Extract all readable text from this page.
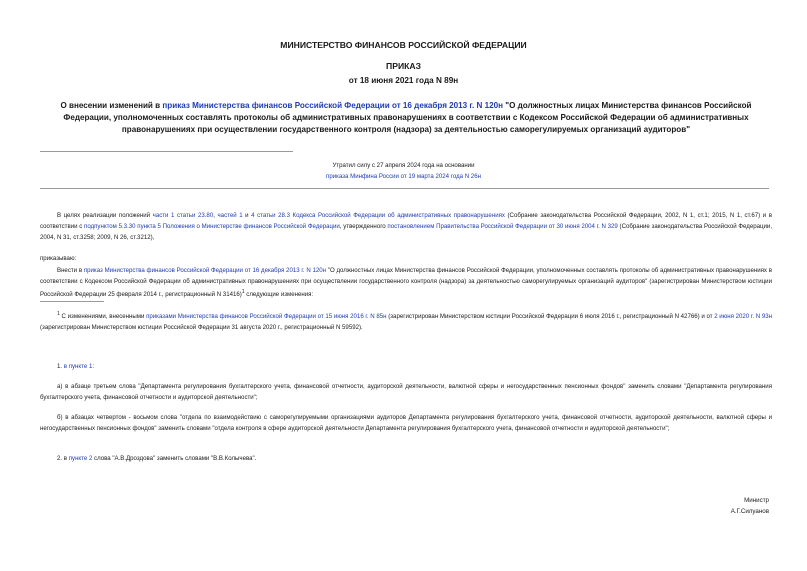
МИНИСТЕРСТВО ФИНАНСОВ РОССИЙСКОЙ ФЕДЕРАЦИИ
ПРИКАЗ
от 18 июня 2021 года N 89н
О внесении изменений в приказ Министерства финансов Российской Федерации от 16 декабря 2013 г. N 120н "О должностных лицах Министерства финансов Российской Федерации, уполномоченных составлять протоколы об административных правонарушениях в соответствии с Кодексом Российской Федерации об административных правонарушениях при осуществлении государственного контроля (надзора) за деятельностью саморегулируемых организаций аудиторов"
Утратил силу с 27 апреля 2024 года на основании
приказа Минфина России от 19 марта 2024 года N 26н
В целях реализации положений части 1 статьи 23.80, частей 1 и 4 статьи 28.3 Кодекса Российской Федерации об административных правонарушениях (Собрание законодательства Российской Федерации, 2002, N 1, ст.1; 2015, N 1, ст.67) и в соответствии с подпунктом 5.3.30 пункта 5 Положения о Министерстве финансов Российской Федерации, утвержденного постановлением Правительства Российской Федерации от 30 июня 2004 г. N 329 (Собрание законодательства Российской Федерации, 2004, N 31, ст.3258; 2009, N 26, ст.3212),
приказываю:
Внести в приказ Министерства финансов Российской Федерации от 16 декабря 2013 г. N 120н "О должностных лицах Министерства финансов Российской Федерации, уполномоченных составлять протоколы об административных правонарушениях в соответствии с Кодексом Российской Федерации об административных правонарушениях при осуществлении государственного контроля (надзора) за деятельностью саморегулируемых организаций аудиторов" (зарегистрирован Министерством юстиции Российской Федерации 25 февраля 2014 г., регистрационный N 31416)$^1$ следующие изменения:
$^1$ С изменениями, внесенными приказами Министерства финансов Российской Федерации от 15 июня 2016 г. N 85н (зарегистрирован Министерством юстиции Российской Федерации 6 июля 2016 г., регистрационный N 42766) и от 2 июня 2020 г. N 93н (зарегистрирован Министерством юстиции Российской Федерации 31 августа 2020 г., регистрационный N 59592).
1. в пункте 1:
а) в абзаце третьем слова "Департамента регулирования бухгалтерского учета, финансовой отчетности, аудиторской деятельности, валютной сферы и негосударственных пенсионных фондов" заменить словами "Департамента регулирования бухгалтерского учета, финансовой отчетности и аудиторской деятельности";
б) в абзацах четвертом - восьмом слова "отдела по взаимодействию с саморегулируемыми организациями аудиторов Департамента регулирования бухгалтерского учета, финансовой отчетности, аудиторской деятельности, валютной сферы и негосударственных пенсионных фондов" заменить словами "отдела контроля в сфере аудиторской деятельности Департамента регулирования бухгалтерского учета, финансовой отчетности и аудиторской деятельности";
2. в пункте 2 слова "А.В.Дроздова" заменить словами "В.В.Колычева".
Министр
А.Г.Силуанов
